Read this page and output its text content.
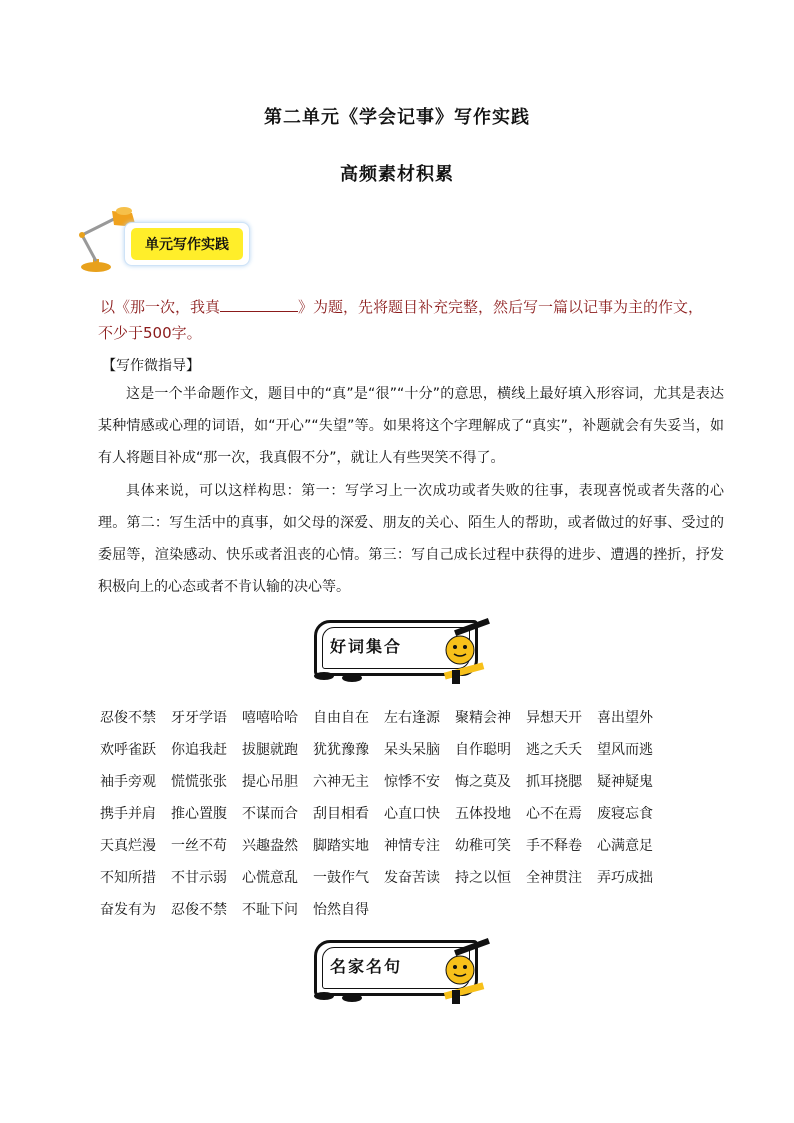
第二单元《学会记事》写作实践
高频素材积累
单元写作实践
以《那一次，我真	》为题，先将题目补充完整，然后写一篇以记事为主的作文，
不少于500字。
【写作微指导】
这是一个半命题作文，题目中的“真”是“很”“十分”的意思，横线上最好填入形容词，尤其是表达某种情感或心理的词语，如“开心”“失望”等。如果将这个字理解成了“真实”，补题就会有失妥当，如有人将题目补成“那一次，我真假不分”，就让人有些哭笑不得了。
具体来说，可以这样构思：第一：写学习上一次成功或者失败的往事，表现喜悦或者失落的心理。第二：写生活中的真事，如父母的深爱、朋友的关心、陌生人的帮助，或者做过的好事、受过的委屈等，渲染感动、快乐或者沮丧的心情。第三：写自己成长过程中获得的进步、遭遇的挫折，抒发积极向上的心态或者不肯认输的决心等。
好词集合
忍俊不禁 牙牙学语 嘻嘻哈哈 自由自在 左右逢源 聚精会神 异想天开 喜出望外
欢呼雀跃 你追我赶 拔腿就跑 犹犹豫豫 呆头呆脑 自作聪明 逃之夭夭 望风而逃
袖手旁观 慌慌张张 提心吊胆 六神无主 惊悸不安 悔之莫及 抓耳挠腮 疑神疑鬼
携手并肩 推心置腹 不谋而合 刮目相看 心直口快 五体投地 心不在焉 废寝忘食
天真烂漫 一丝不苟 兴趣盎然 脚踏实地 神情专注 幼稚可笑 手不释卷 心满意足
不知所措 不甘示弱 心慌意乱 一鼓作气 发奋苦读 持之以恒 全神贯注 弄巧成拙
奋发有为 忍俊不禁 不耻下问 怡然自得
名家名句
